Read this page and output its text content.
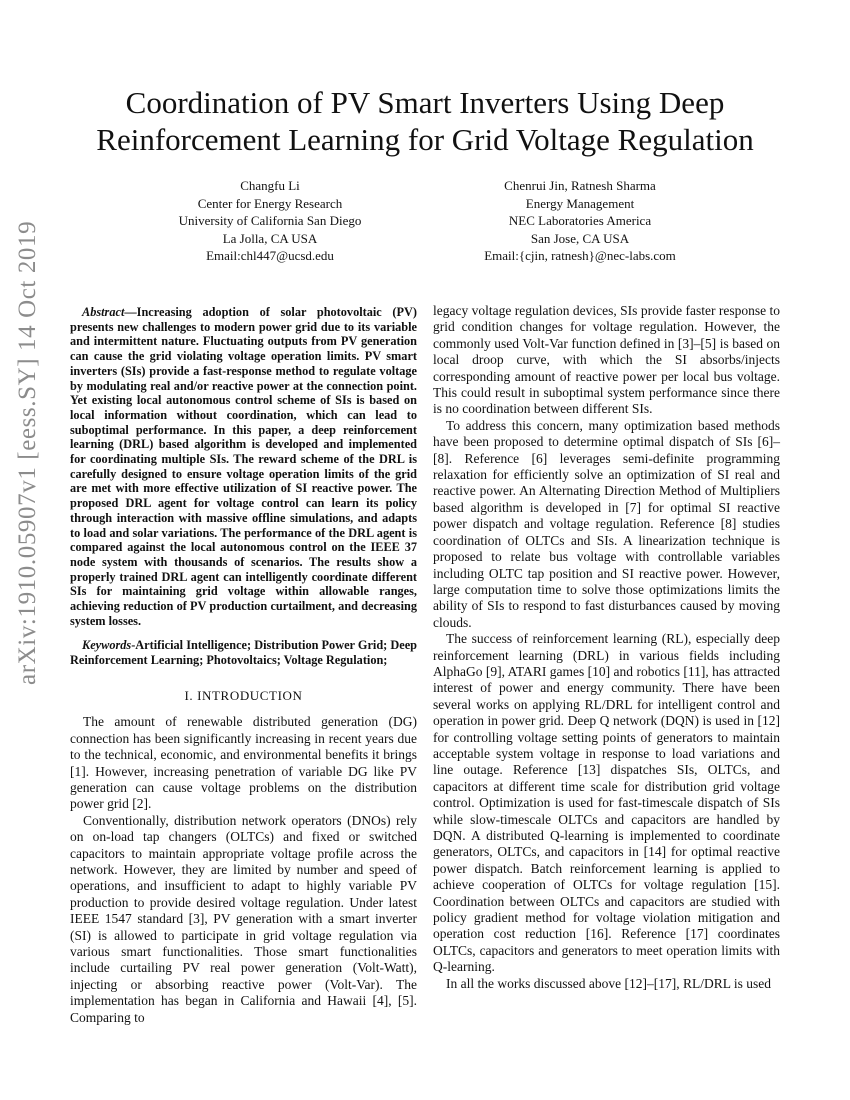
arXiv:1910.05907v1 [eess.SY] 14 Oct 2019
Coordination of PV Smart Inverters Using Deep Reinforcement Learning for Grid Voltage Regulation
Changfu Li
Center for Energy Research
University of California San Diego
La Jolla, CA USA
Email:chl447@ucsd.edu
Chenrui Jin, Ratnesh Sharma
Energy Management
NEC Laboratories America
San Jose, CA USA
Email:{cjin, ratnesh}@nec-labs.com

Abstract—Increasing adoption of solar photovoltaic (PV) presents new challenges to modern power grid due to its variable and intermittent nature. Fluctuating outputs from PV generation can cause the grid violating voltage operation limits. PV smart inverters (SIs) provide a fast-response method to regulate voltage by modulating real and/or reactive power at the connection point. Yet existing local autonomous control scheme of SIs is based on local information without coordination, which can lead to suboptimal performance. In this paper, a deep reinforcement learning (DRL) based algorithm is developed and implemented for coordinating multiple SIs. The reward scheme of the DRL is carefully designed to ensure voltage operation limits of the grid are met with more effective utilization of SI reactive power. The proposed DRL agent for voltage control can learn its policy through interaction with massive offline simulations, and adapts to load and solar variations. The performance of the DRL agent is compared against the local autonomous control on the IEEE 37 node system with thousands of scenarios. The results show a properly trained DRL agent can intelligently coordinate different SIs for maintaining grid voltage within allowable ranges, achieving reduction of PV production curtailment, and decreasing system losses.

Keywords-Artificial Intelligence; Distribution Power Grid; Deep Reinforcement Learning; Photovoltaics; Voltage Regulation;

I. INTRODUCTION

The amount of renewable distributed generation (DG) connection has been significantly increasing in recent years due to the technical, economic, and environmental benefits it brings [1]. However, increasing penetration of variable DG like PV generation can cause voltage problems on the distribution power grid [2].

Conventionally, distribution network operators (DNOs) rely on on-load tap changers (OLTCs) and fixed or switched capacitors to maintain appropriate voltage profile across the network. However, they are limited by number and speed of operations, and insufficient to adapt to highly variable PV production to provide desired voltage regulation. Under latest IEEE 1547 standard [3], PV generation with a smart inverter (SI) is allowed to participate in grid voltage regulation via various smart functionalities. Those smart functionalities include curtailing PV real power generation (Volt-Watt), injecting or absorbing reactive power (Volt-Var). The implementation has began in California and Hawaii [4], [5]. Comparing to

legacy voltage regulation devices, SIs provide faster response to grid condition changes for voltage regulation. However, the commonly used Volt-Var function defined in [3]–[5] is based on local droop curve, with which the SI absorbs/injects corresponding amount of reactive power per local bus voltage. This could result in suboptimal system performance since there is no coordination between different SIs.

To address this concern, many optimization based methods have been proposed to determine optimal dispatch of SIs [6]–[8]. Reference [6] leverages semi-definite programming relaxation for efficiently solve an optimization of SI real and reactive power. An Alternating Direction Method of Multipliers based algorithm is developed in [7] for optimal SI reactive power dispatch and voltage regulation. Reference [8] studies coordination of OLTCs and SIs. A linearization technique is proposed to relate bus voltage with controllable variables including OLTC tap position and SI reactive power. However, large computation time to solve those optimizations limits the ability of SIs to respond to fast disturbances caused by moving clouds.

The success of reinforcement learning (RL), especially deep reinforcement learning (DRL) in various fields including AlphaGo [9], ATARI games [10] and robotics [11], has attracted interest of power and energy community. There have been several works on applying RL/DRL for intelligent control and operation in power grid. Deep Q network (DQN) is used in [12] for controlling voltage setting points of generators to maintain acceptable system voltage in response to load variations and line outage. Reference [13] dispatches SIs, OLTCs, and capacitors at different time scale for distribution grid voltage control. Optimization is used for fast-timescale dispatch of SIs while slow-timescale OLTCs and capacitors are handled by DQN. A distributed Q-learning is implemented to coordinate generators, OLTCs, and capacitors in [14] for optimal reactive power dispatch. Batch reinforcement learning is applied to achieve cooperation of OLTCs for voltage regulation [15]. Coordination between OLTCs and capacitors are studied with policy gradient method for voltage violation mitigation and operation cost reduction [16]. Reference [17] coordinates OLTCs, capacitors and generators to meet operation limits with Q-learning.

In all the works discussed above [12]–[17], RL/DRL is used
